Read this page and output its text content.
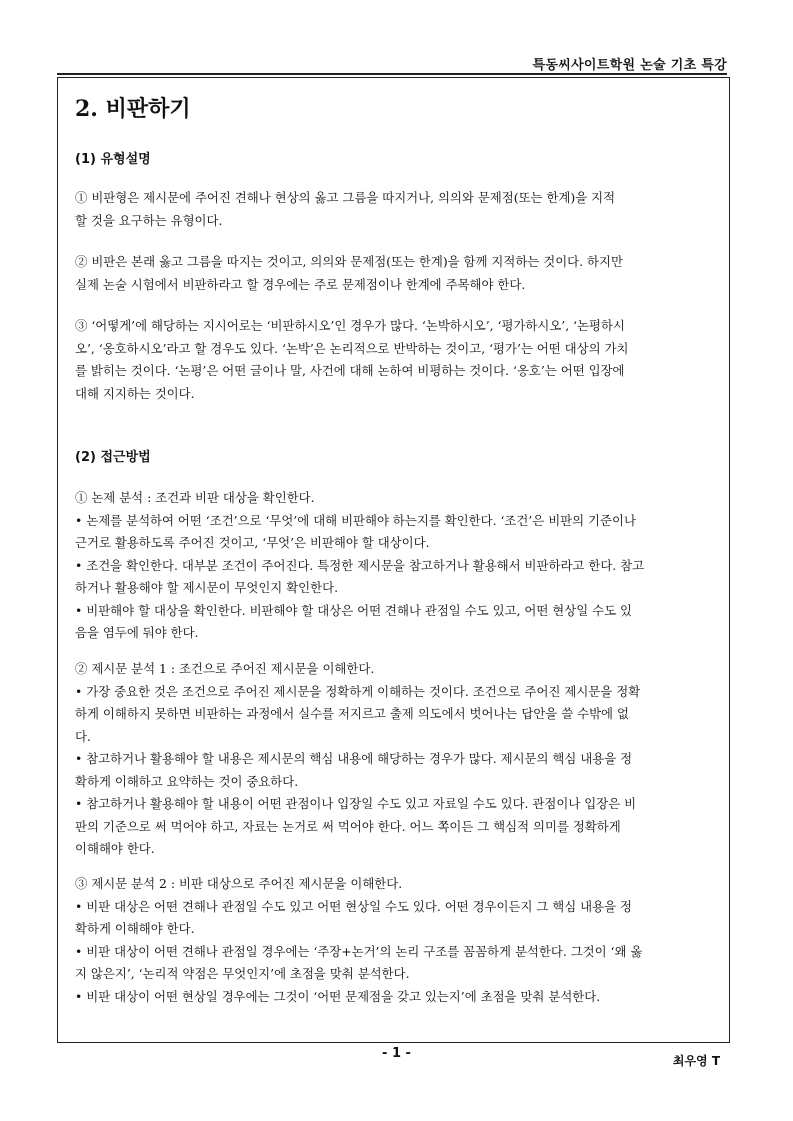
특동씨사이트학원 논술 기초 특강
2. 비판하기
(1) 유형설명

① 비판형은 제시문에 주어진 견해나 현상의 옳고 그름을 따지거나, 의의와 문제점(또는 한계)을 지적
할 것을 요구하는 유형이다.

② 비판은 본래 옳고 그름을 따지는 것이고, 의의와 문제점(또는 한계)을 함께 지적하는 것이다. 하지만
실제 논술 시험에서 비판하라고 할 경우에는 주로 문제점이나 한계에 주목해야 한다.

③ ‘어떻게’에 해당하는 지시어로는 ‘비판하시오’인 경우가 많다. ‘논박하시오’, ‘평가하시오’, ‘논평하시
오’, ‘옹호하시오’라고 할 경우도 있다. ‘논박’은 논리적으로 반박하는 것이고, ‘평가’는 어떤 대상의 가치
를 밝히는 것이다. ‘논평’은 어떤 글이나 말, 사건에 대해 논하여 비평하는 것이다. ‘옹호’는 어떤 입장에
대해 지지하는 것이다.

(2) 접근방법

① 논제 분석 : 조건과 비판 대상을 확인한다.
• 논제를 분석하여 어떤 ‘조건’으로 ‘무엇’에 대해 비판해야 하는지를 확인한다. ‘조건’은 비판의 기준이나
근거로 활용하도록 주어진 것이고, ‘무엇’은 비판해야 할 대상이다.
• 조건을 확인한다. 대부분 조건이 주어진다. 특정한 제시문을 참고하거나 활용해서 비판하라고 한다. 참고
하거나 활용해야 할 제시문이 무엇인지 확인한다.
• 비판해야 할 대상을 확인한다. 비판해야 할 대상은 어떤 견해나 관점일 수도 있고, 어떤 현상일 수도 있
음을 염두에 둬야 한다.

② 제시문 분석 1 : 조건으로 주어진 제시문을 이해한다.
• 가장 중요한 것은 조건으로 주어진 제시문을 정확하게 이해하는 것이다. 조건으로 주어진 제시문을 정확
하게 이해하지 못하면 비판하는 과정에서 실수를 저지르고 출제 의도에서 벗어나는 답안을 쓸 수밖에 없
다.
• 참고하거나 활용해야 할 내용은 제시문의 핵심 내용에 해당하는 경우가 많다. 제시문의 핵심 내용을 정
확하게 이해하고 요약하는 것이 중요하다.
• 참고하거나 활용해야 할 내용이 어떤 관점이나 입장일 수도 있고 자료일 수도 있다. 관점이나 입장은 비
판의 기준으로 써 먹어야 하고, 자료는 논거로 써 먹어야 한다. 어느 쪽이든 그 핵심적 의미를 정확하게
이해해야 한다.

③ 제시문 분석 2 : 비판 대상으로 주어진 제시문을 이해한다.
• 비판 대상은 어떤 견해나 관점일 수도 있고 어떤 현상일 수도 있다. 어떤 경우이든지 그 핵심 내용을 정
확하게 이해해야 한다.
• 비판 대상이 어떤 견해나 관점일 경우에는 ‘주장+논거’의 논리 구조를 꼼꼼하게 분석한다. 그것이 ‘왜 옳
지 않은지’, ‘논리적 약점은 무엇인지’에 초점을 맞춰 분석한다.
• 비판 대상이 어떤 현상일 경우에는 그것이 ‘어떤 문제점을 갖고 있는지’에 초점을 맞춰 분석한다.

- 1 -	최우영 T
